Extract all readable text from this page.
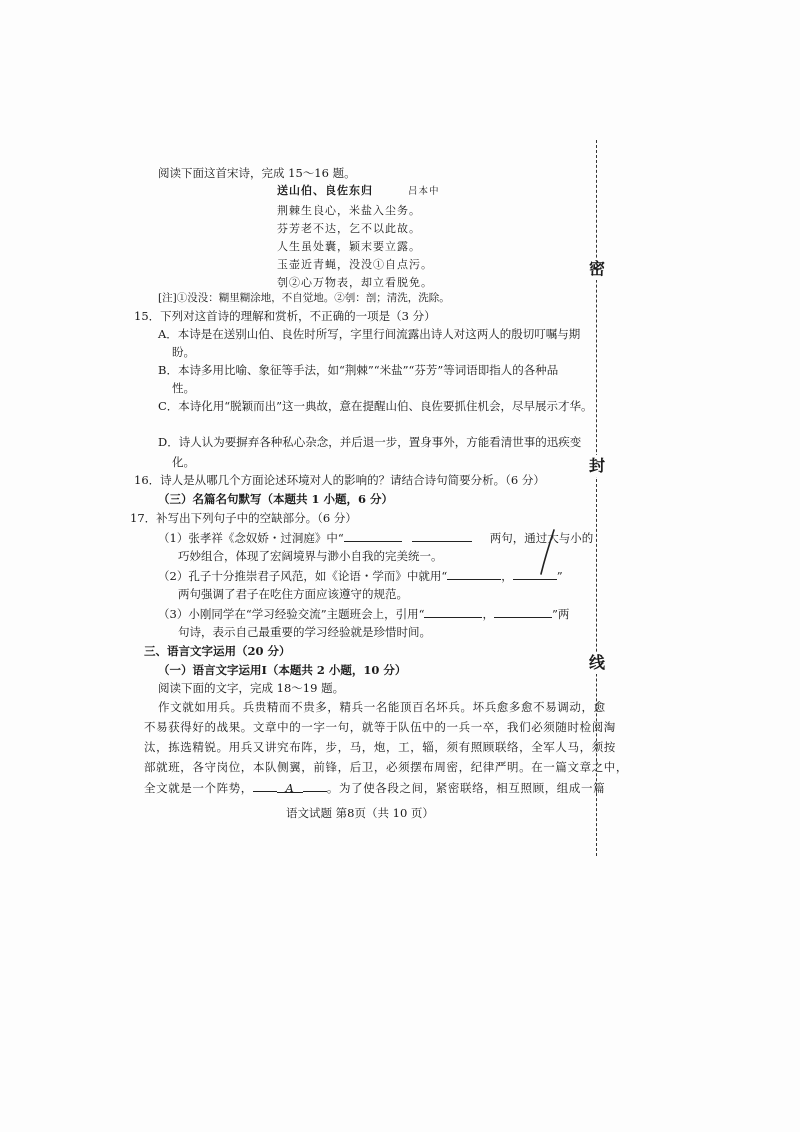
阅读下面这首宋诗，完成 15～16 题。
送山伯、良佐东归	吕本中
荆棘生良心，米盐入尘务。
芬芳老不达，乞不以此故。
人生虽处囊，颖末要立露。
玉壶近青蝇，没没①自点污。
刳②心万物表，却立看脱免。
[注]①没没：糊里糊涂地，不自觉地。②刳：剖；清洗，洗除。
15．下列对这首诗的理解和赏析，不正确的一项是（3 分）
A．本诗是在送别山伯、良佐时所写，字里行间流露出诗人对这两人的殷切叮嘱与期
盼。
B．本诗多用比喻、象征等手法，如“荆棘”“米盐”“芬芳”等词语即指人的各种品
性。
C．本诗化用“脱颖而出”这一典故，意在提醒山伯、良佐要抓住机会，尽早展示才华。
D．诗人认为要摒弃各种私心杂念，并后退一步，置身事外，方能看清世事的迅疾变
化。
16．诗人是从哪几个方面论述环境对人的影响的？请结合诗句简要分析。（6 分）
（三）名篇名句默写（本题共 1 小题，6 分）
17．补写出下列句子中的空缺部分。（6 分）
（1）张孝祥《念奴娇・过洞庭》中“	两句，通过大与小的
巧妙组合，体现了宏阔境界与渺小自我的完美统一。
（2）孔子十分推崇君子风范，如《论语・学而》中就用“	，	”
两句强调了君子在吃住方面应该遵守的规范。
（3）小刚同学在“学习经验交流”主题班会上，引用“	，	”两
句诗，表示自己最重要的学习经验就是珍惜时间。
三、语言文字运用（20 分）
（一）语言文字运用Ⅰ（本题共 2 小题，10 分）
阅读下面的文字，完成 18～19 题。
作文就如用兵。兵贵精而不贵多，精兵一名能顶百名坏兵。坏兵愈多愈不易调动，愈
不易获得好的战果。文章中的一字一句，就等于队伍中的一兵一卒，我们必须随时检阅淘
汰，拣选精锐。用兵又讲究布阵，步，马，炮，工，辎，须有照顾联络，全军人马，须按
部就班，各守岗位，本队侧翼，前锋，后卫，必须摆布周密，纪律严明。在一篇文章之中，
全文就是一个阵势，	A	。为了使各段之间，紧密联络，相互照顾，组成一篇
语文试题 第8页（共 10 页）
密
封
线
